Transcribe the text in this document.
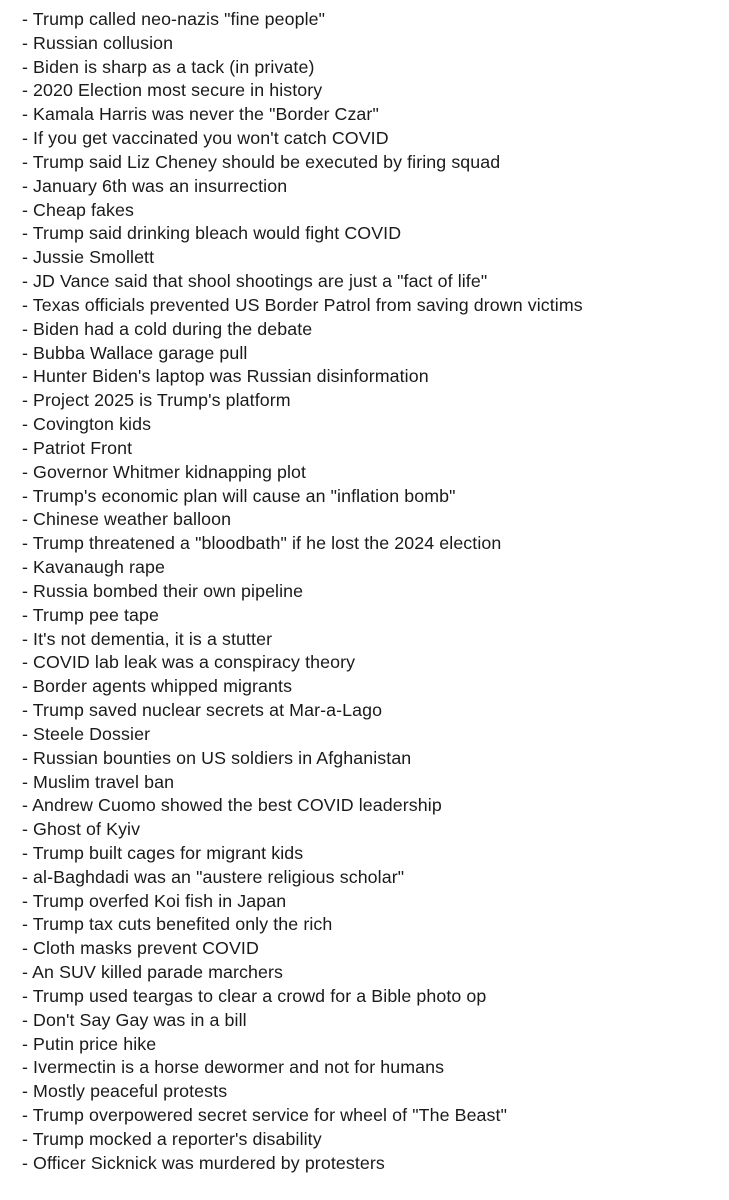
- Trump called neo-nazis "fine people"
- Russian collusion
- Biden is sharp as a tack (in private)
- 2020 Election most secure in history
- Kamala Harris was never the "Border Czar"
- If you get vaccinated you won't catch COVID
- Trump said Liz Cheney should be executed by firing squad
- January 6th was an insurrection
- Cheap fakes
- Trump said drinking bleach would fight COVID
- Jussie Smollett
- JD Vance said that shool shootings are just a "fact of life"
- Texas officials prevented US Border Patrol from saving drown victims
- Biden had a cold during the debate
- Bubba Wallace garage pull
- Hunter Biden's laptop was Russian disinformation
- Project 2025 is Trump's platform
- Covington kids
- Patriot Front
- Governor Whitmer kidnapping plot
- Trump's economic plan will cause an "inflation bomb"
- Chinese weather balloon
- Trump threatened a "bloodbath" if he lost the 2024 election
- Kavanaugh rape
- Russia bombed their own pipeline
- Trump pee tape
- It's not dementia, it is a stutter
- COVID lab leak was a conspiracy theory
- Border agents whipped migrants
- Trump saved nuclear secrets at Mar-a-Lago
- Steele Dossier
- Russian bounties on US soldiers in Afghanistan
- Muslim travel ban
- Andrew Cuomo showed the best COVID leadership
- Ghost of Kyiv
- Trump built cages for migrant kids
- al-Baghdadi was an "austere religious scholar"
- Trump overfed Koi fish in Japan
- Trump tax cuts benefited only the rich
- Cloth masks prevent COVID
- An SUV killed parade marchers
- Trump used teargas to clear a crowd for a Bible photo op
- Don't Say Gay was in a bill
- Putin price hike
- Ivermectin is a horse dewormer and not for humans
- Mostly peaceful protests
- Trump overpowered secret service for wheel of "The Beast"
- Trump mocked a reporter's disability
- Officer Sicknick was murdered by protesters
